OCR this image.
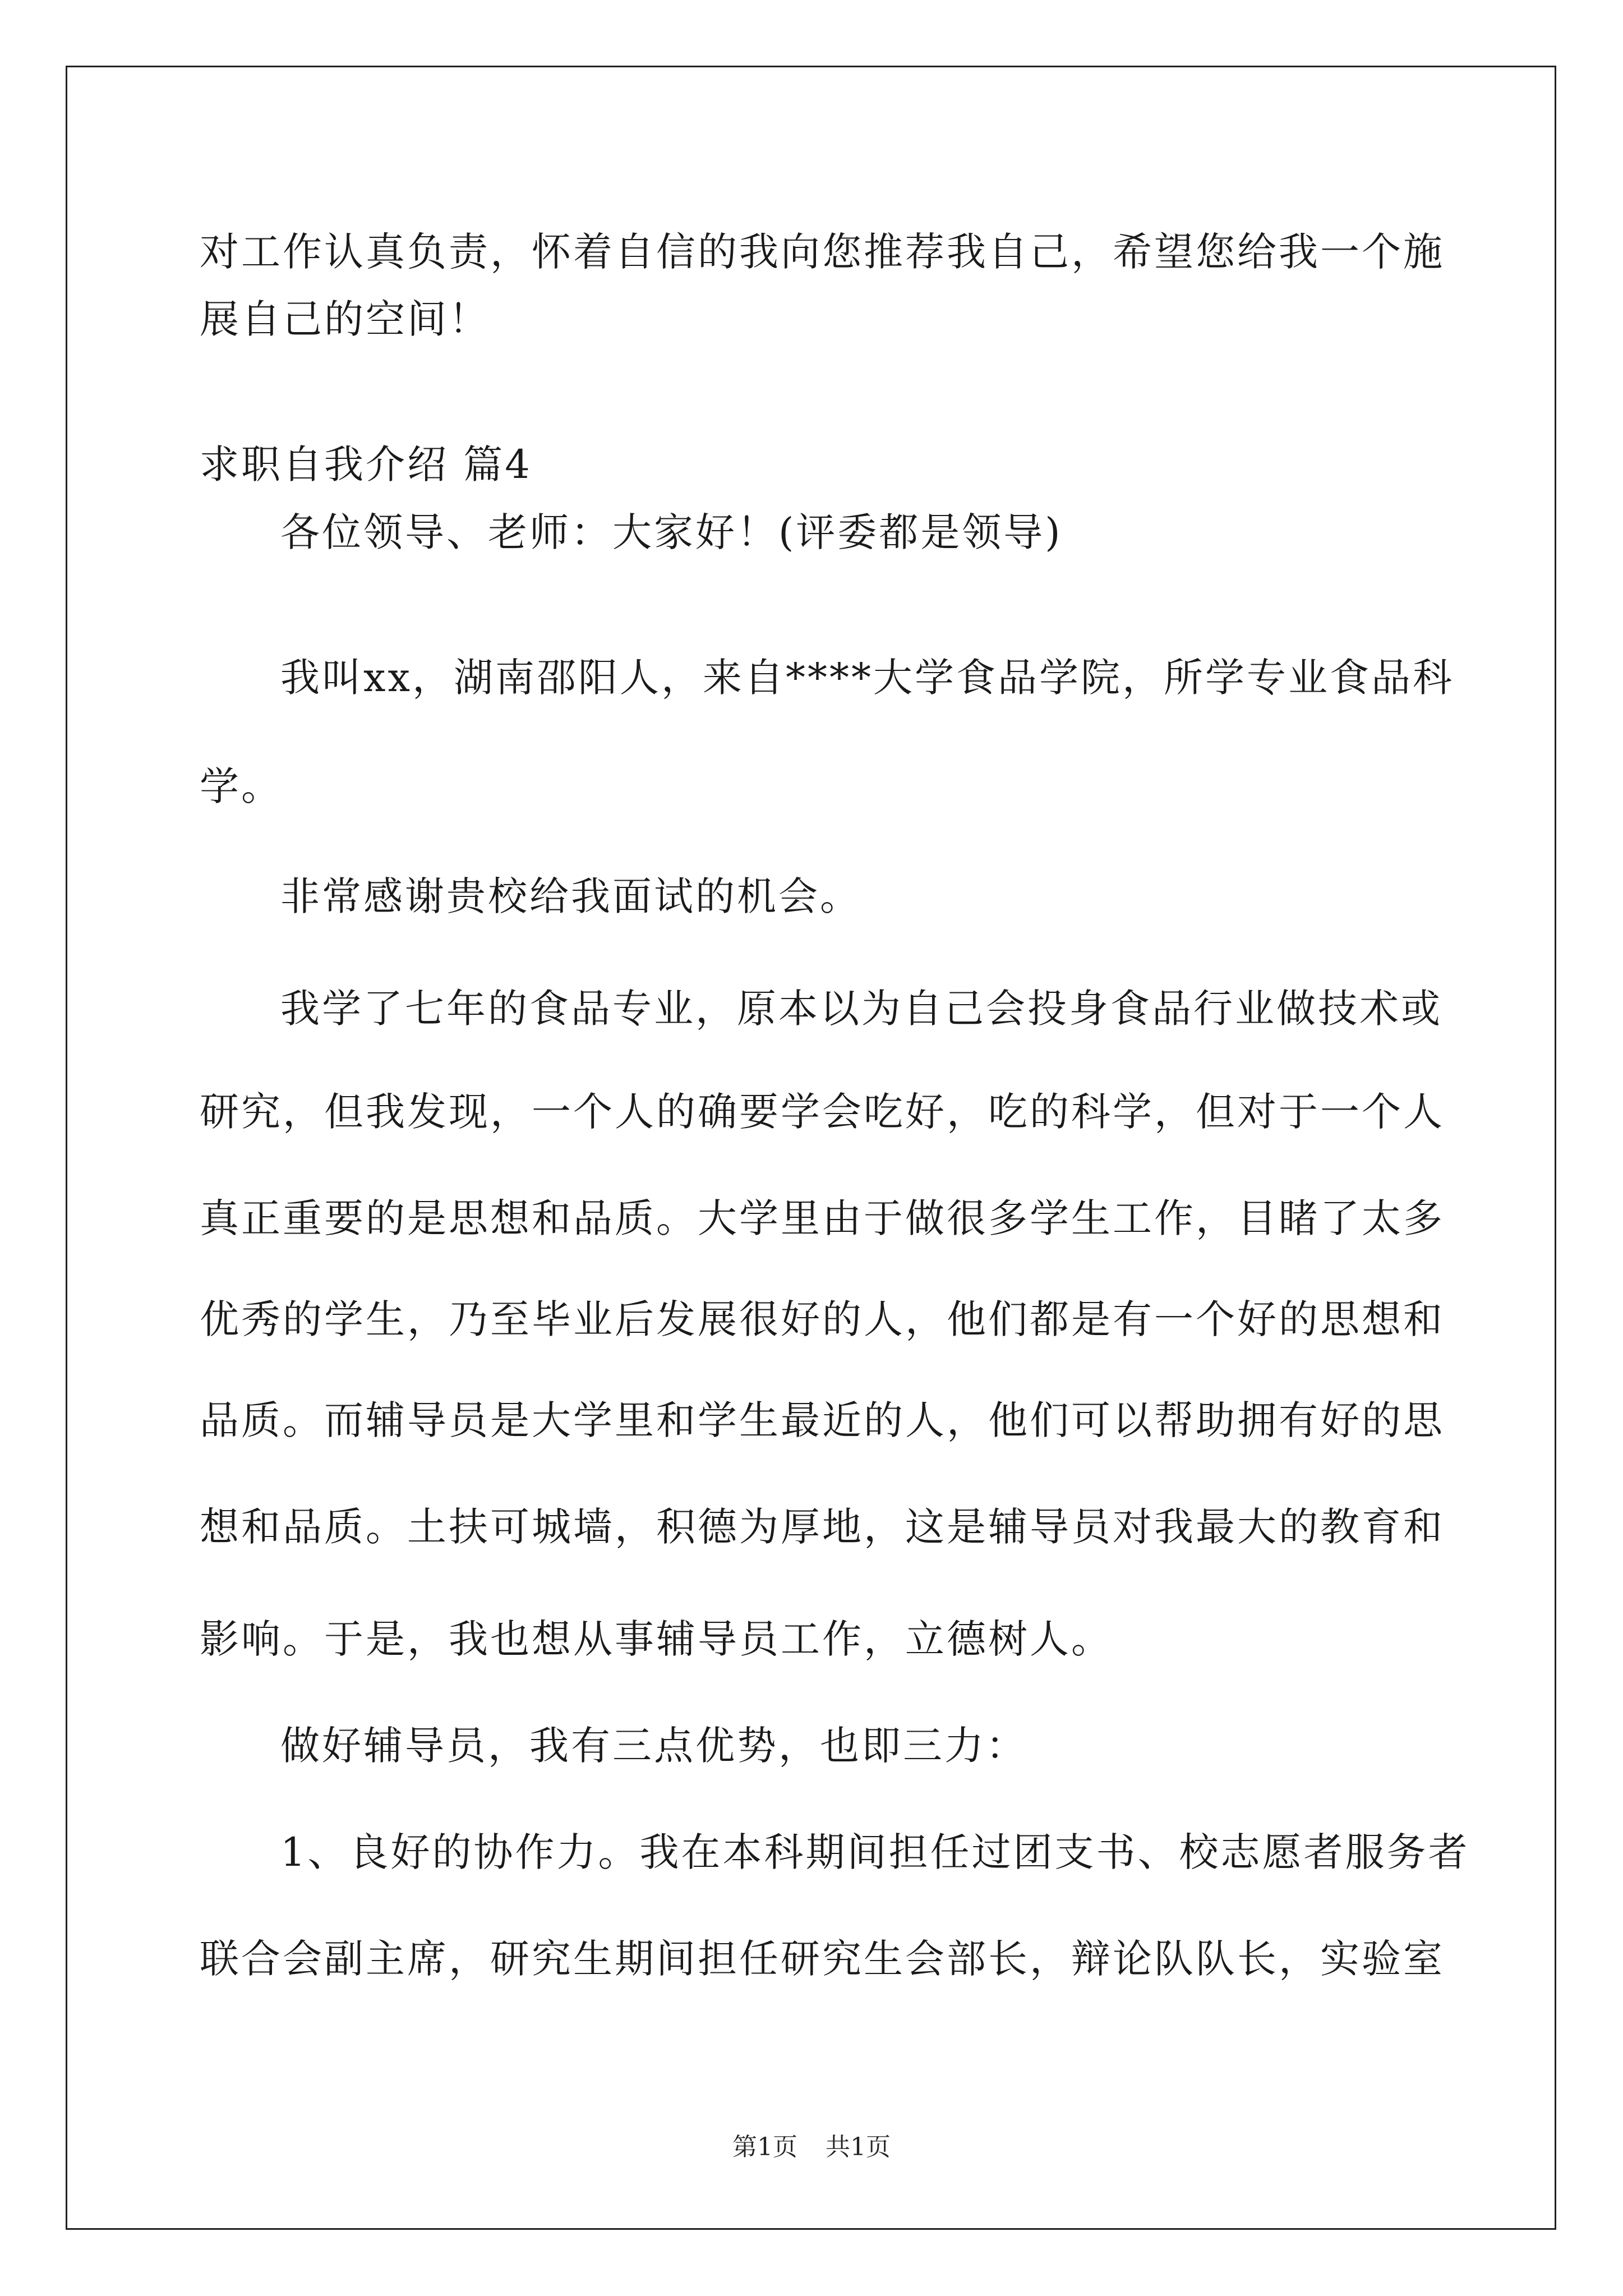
对工作认真负责，怀着自信的我向您推荐我自己，希望您给我一个施
展自己的空间！
求职自我介绍 篇4
各位领导、老师：大家好！(评委都是领导)
我叫xx，湖南邵阳人，来自****大学食品学院，所学专业食品科
学。
非常感谢贵校给我面试的机会。
我学了七年的食品专业，原本以为自己会投身食品行业做技术或
研究，但我发现，一个人的确要学会吃好，吃的科学，但对于一个人
真正重要的是思想和品质。大学里由于做很多学生工作，目睹了太多
优秀的学生，乃至毕业后发展很好的人，他们都是有一个好的思想和
品质。而辅导员是大学里和学生最近的人，他们可以帮助拥有好的思
想和品质。土扶可城墙，积德为厚地，这是辅导员对我最大的教育和
影响。于是，我也想从事辅导员工作，立德树人。
做好辅导员，我有三点优势，也即三力：
1、良好的协作力。我在本科期间担任过团支书、校志愿者服务者
联合会副主席，研究生期间担任研究生会部长，辩论队队长，实验室
第1页 共1页
